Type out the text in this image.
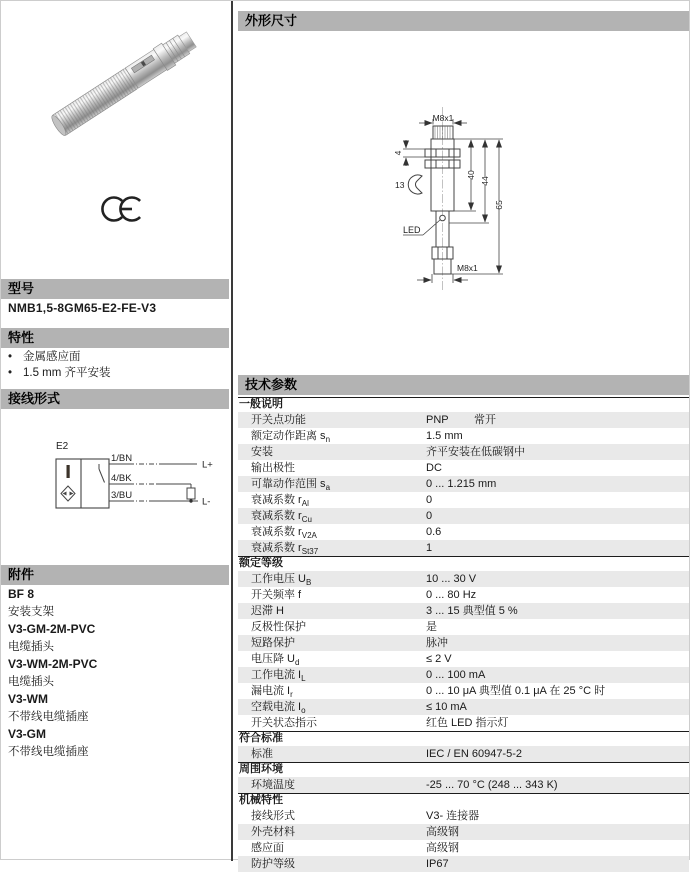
型号
NMB1,5-8GM65-E2-FE-V3
特性
• 金属感应面
• 1.5 mm 齐平安装
接线形式
E2
1/BN
4/BK
3/BU
L+
L-
附件
BF 8
安装支架
V3-GM-2M-PVC
电缆插头
V3-WM-2M-PVC
电缆插头
V3-WM
不带线电缆插座
V3-GM
不带线电缆插座
外形尺寸
LED
M8x1
4
13
M8x1
40
44
65
技术参数
一般说明
开关点功能	PNP 常开
额定动作距离 $s_n$	1.5 mm
安装	齐平安装在低碳钢中
输出极性	DC
可靠动作范围 $s_a$	0 ... 1.215 mm
衰减系数 $r_{Al}$	0
衰减系数 $r_{Cu}$	0
衰减系数 $r_{V2A}$	0.6
衰减系数 $r_{St37}$	1
额定等级
工作电压 $U_B$	10 ... 30 V
开关频率 f	0 ... 80 Hz
迟滞 H	3 ... 15 典型值 5 %
反极性保护	是
短路保护	脉冲
电压降 $U_d$	≤ 2 V
工作电流 $I_L$	0 ... 100 mA
漏电流 $I_r$	0 ... 10 μA 典型值 0.1 μA 在 25 °C 时
空载电流 $I_o$	≤ 10 mA
开关状态指示	红色 LED 指示灯
符合标准
标准	IEC / EN 60947-5-2
周围环境
环境温度	-25 ... 70 °C (248 ... 343 K)
机械特性
接线形式	V3- 连接器
外壳材料	高级钢
感应面	高级钢
防护等级	IP67
